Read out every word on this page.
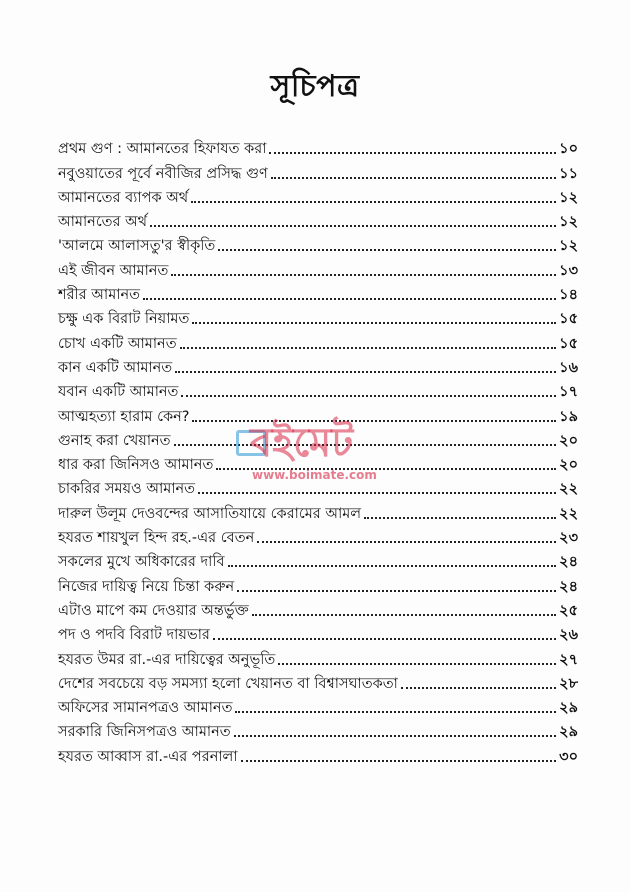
সূচিপত্র
প্রথম গুণ : আমানতের হিফাযত করা	১০
নবুওয়াতের পূর্বে নবীজির প্রসিদ্ধ গুণ	১১
আমানতের ব্যাপক অর্থ	১২
আমানতের অর্থ	১২
'আলমে আলাসতু'র স্বীকৃতি	১২
এই জীবন আমানত	১৩
শরীর আমানত	১৪
চক্ষু এক বিরাট নিয়ামত	১৫
চোখ একটি আমানত	১৫
কান একটি আমানত	১৬
যবান একটি আমানত	১৭
আত্মহত্যা হারাম কেন?	১৯
গুনাহ করা খেয়ানত	২০
ধার করা জিনিসও আমানত	২০
চাকরির সময়ও আমানত	২২
দারুল উলূম দেওবন্দের আসাতিযায়ে কেরামের আমল	২২
হযরত শায়খুল হিন্দ রহ.-এর বেতন	২৩
সকলের মুখে অধিকারের দাবি	২৪
নিজের দায়িত্ব নিয়ে চিন্তা করুন	২৪
এটাও মাপে কম দেওয়ার অন্তর্ভুক্ত	২৫
পদ ও পদবি বিরাট দায়ভার	২৬
হযরত উমর রা.-এর দায়িত্বের অনুভূতি	২৭
দেশের সবচেয়ে বড় সমস্যা হলো খেয়ানত বা বিশ্বাসঘাতকতা	২৮
অফিসের সামানপত্রও আমানত	২৯
সরকারি জিনিসপত্রও আমানত	২৯
হযরত আব্বাস রা.-এর পরনালা	৩০
বইমেট
www.boimate.com
